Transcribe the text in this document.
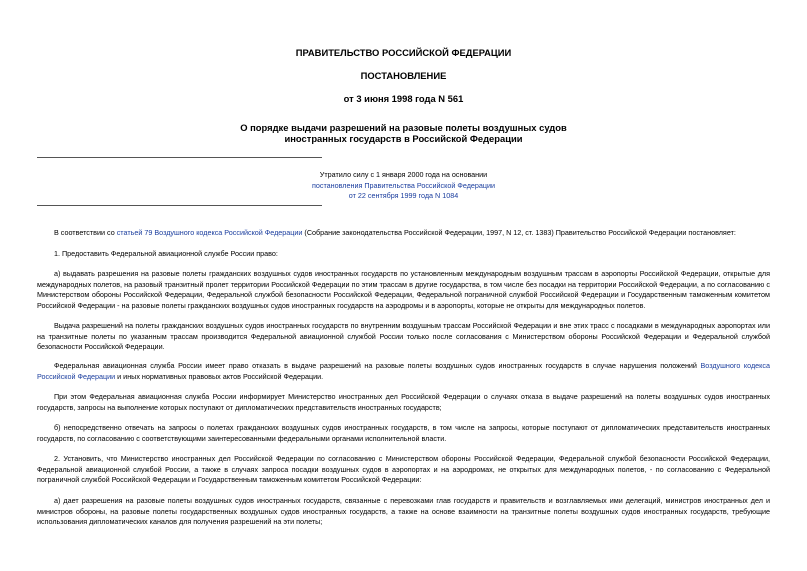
ПРАВИТЕЛЬСТВО РОССИЙСКОЙ ФЕДЕРАЦИИ

ПОСТАНОВЛЕНИЕ

от 3 июня 1998 года N 561

О порядке выдачи разрешений на разовые полеты воздушных судов
иностранных государств в Российской Федерации
Утратило силу с 1 января 2000 года на основании
постановления Правительства Российской Федерации
от 22 сентября 1999 года N 1084

В соответствии со статьей 79 Воздушного кодекса Российской Федерации (Собрание законодательства Российской Федерации, 1997, N 12, ст. 1383) Правительство Российской Федерации постановляет:

1. Предоставить Федеральной авиационной службе России право:

а) выдавать разрешения на разовые полеты гражданских воздушных судов иностранных государств по установленным международным воздушным трассам в аэропорты Российской Федерации, открытые для международных полетов, на разовый транзитный пролет территории Российской Федерации по этим трассам в другие государства, в том числе без посадки на территории Российской Федерации, а по согласованию с Министерством обороны Российской Федерации, Федеральной службой безопасности Российской Федерации, Федеральной пограничной службой Российской Федерации и Государственным таможенным комитетом Российской Федерации - на разовые полеты гражданских воздушных судов иностранных государств на аэродромы и в аэропорты, которые не открыты для международных полетов.

Выдача разрешений на полеты гражданских воздушных судов иностранных государств по внутренним воздушным трассам Российской Федерации и вне этих трасс с посадками в международных аэропортах или на транзитные полеты по указанным трассам производится Федеральной авиационной службой России только после согласования с Министерством обороны Российской Федерации и Федеральной службой безопасности Российской Федерации.

Федеральная авиационная служба России имеет право отказать в выдаче разрешений на разовые полеты воздушных судов иностранных государств в случае нарушения положений Воздушного кодекса Российской Федерации и иных нормативных правовых актов Российской Федерации.

При этом Федеральная авиационная служба России информирует Министерство иностранных дел Российской Федерации о случаях отказа в выдаче разрешений на полеты воздушных судов иностранных государств, запросы на выполнение которых поступают от дипломатических представительств иностранных государств;

б) непосредственно отвечать на запросы о полетах гражданских воздушных судов иностранных государств, в том числе на запросы, которые поступают от дипломатических представительств иностранных государств, по согласованию с соответствующими заинтересованными федеральными органами исполнительной власти.

2. Установить, что Министерство иностранных дел Российской Федерации по согласованию с Министерством обороны Российской Федерации, Федеральной службой безопасности Российской Федерации, Федеральной авиационной службой России, а также в случаях запроса посадки воздушных судов в аэропортах и на аэродромах, не открытых для международных полетов, - по согласованию с Федеральной пограничной службой Российской Федерации и Государственным таможенным комитетом Российской Федерации:

а) дает разрешения на разовые полеты воздушных судов иностранных государств, связанные с перевозками глав государств и правительств и возглавляемых ими делегаций, министров иностранных дел и министров обороны, на разовые полеты государственных воздушных судов иностранных государств, а также на основе взаимности на транзитные полеты воздушных судов иностранных государств, требующие использования дипломатических каналов для получения разрешений на эти полеты;
